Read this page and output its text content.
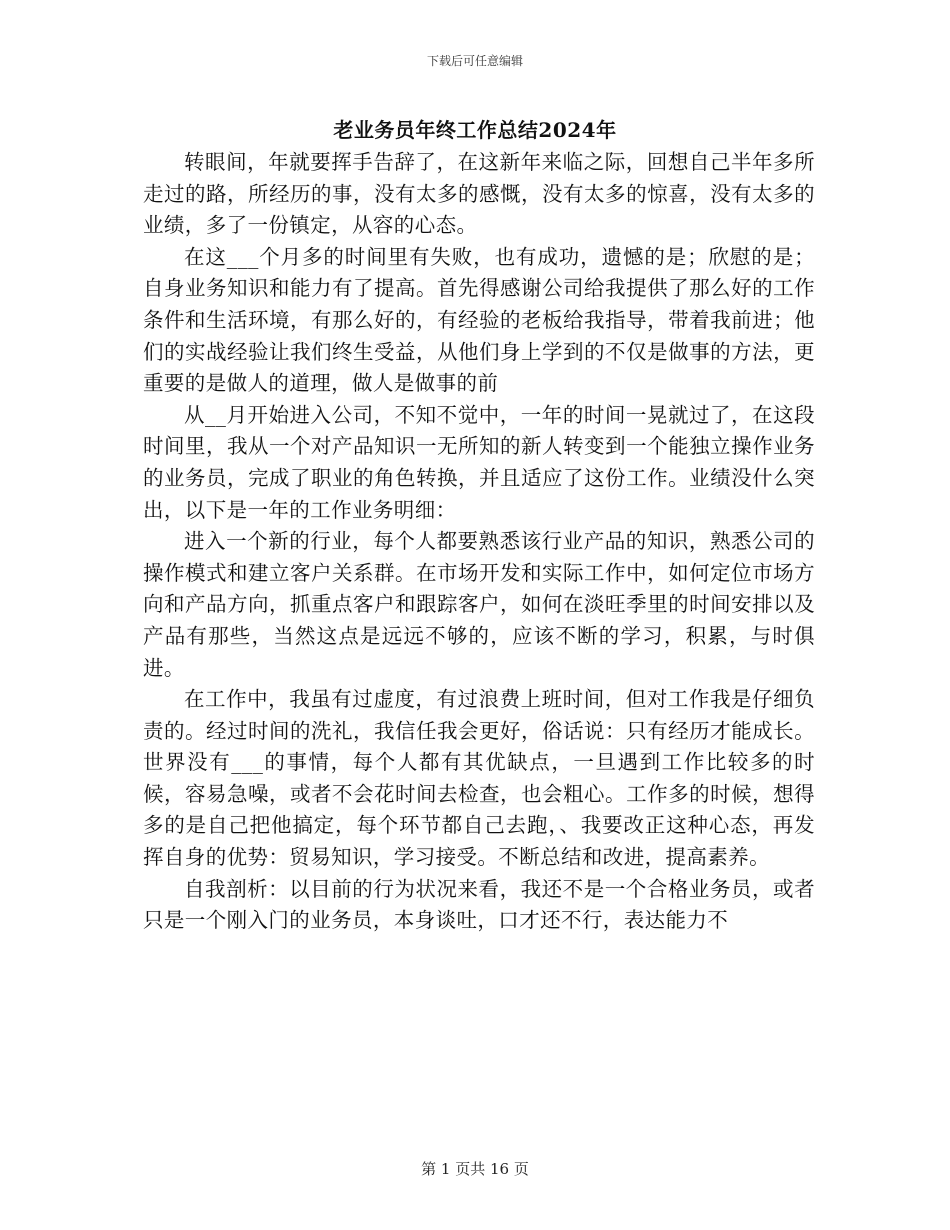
下载后可任意编辑
老业务员年终工作总结2024年

转眼间，年就要挥手告辞了，在这新年来临之际，回想自己半年多所走过的路，所经历的事，没有太多的感慨，没有太多的惊喜，没有太多的业绩，多了一份镇定，从容的心态。

在这___个月多的时间里有失败，也有成功，遗憾的是；欣慰的是；自身业务知识和能力有了提高。首先得感谢公司给我提供了那么好的工作条件和生活环境，有那么好的，有经验的老板给我指导，带着我前进；他们的实战经验让我们终生受益，从他们身上学到的不仅是做事的方法，更重要的是做人的道理，做人是做事的前

从__月开始进入公司，不知不觉中，一年的时间一晃就过了，在这段时间里，我从一个对产品知识一无所知的新人转变到一个能独立操作业务的业务员，完成了职业的角色转换，并且适应了这份工作。业绩没什么突出，以下是一年的工作业务明细：

进入一个新的行业，每个人都要熟悉该行业产品的知识，熟悉公司的操作模式和建立客户关系群。在市场开发和实际工作中，如何定位市场方向和产品方向，抓重点客户和跟踪客户，如何在淡旺季里的时间安排以及产品有那些，当然这点是远远不够的，应该不断的学习，积累，与时俱进。

在工作中，我虽有过虚度，有过浪费上班时间，但对工作我是仔细负责的。经过时间的洗礼，我信任我会更好，俗话说：只有经历才能成长。世界没有___的事情，每个人都有其优缺点，一旦遇到工作比较多的时候，容易急噪，或者不会花时间去检查，也会粗心。工作多的时候，想得多的是自己把他搞定，每个环节都自己去跑，、我要改正这种心态，再发挥自身的优势：贸易知识，学习接受。不断总结和改进，提高素养。

自我剖析：以目前的行为状况来看，我还不是一个合格业务员，或者只是一个刚入门的业务员，本身谈吐，口才还不行，表达能力不

第 1 页共 16 页
